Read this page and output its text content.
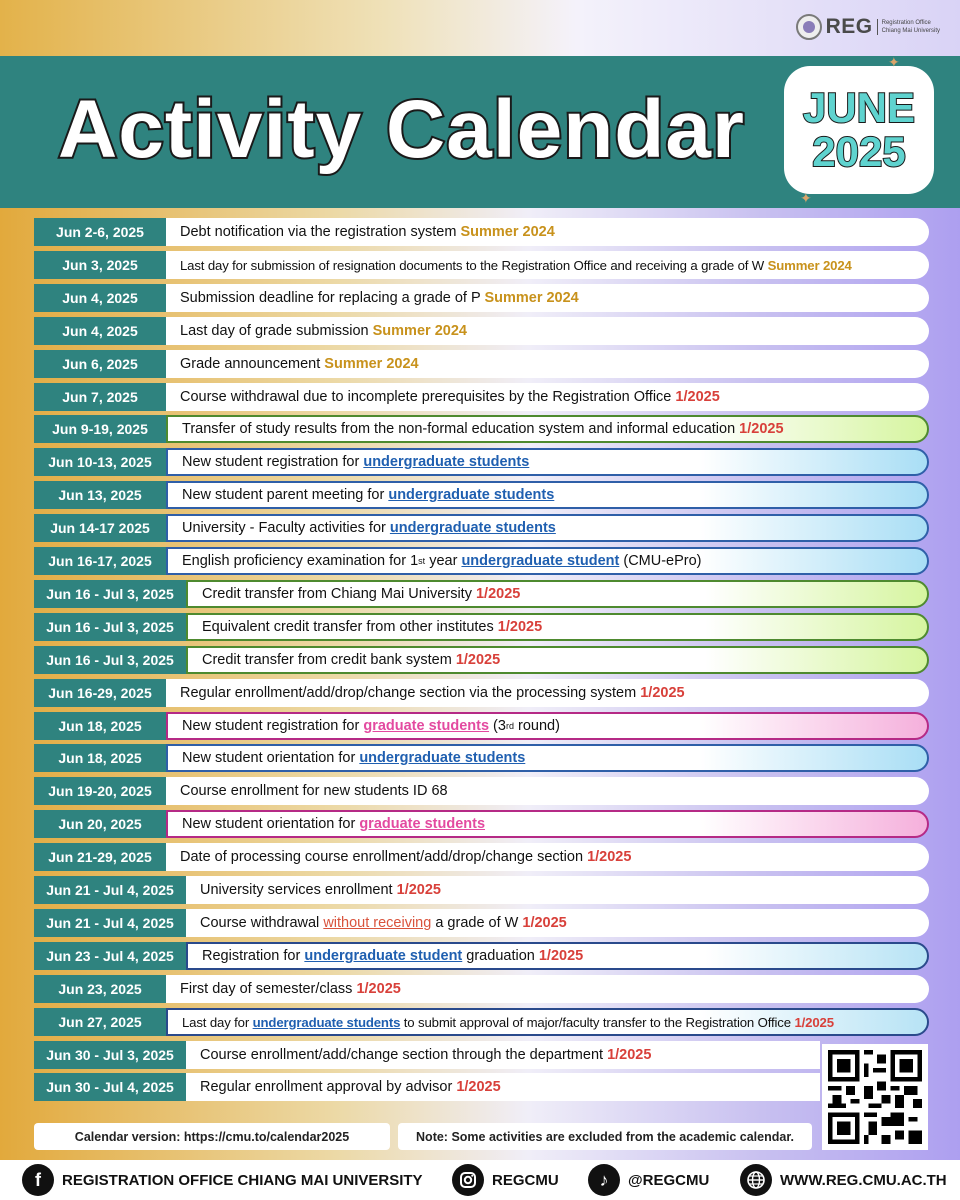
REG Registration Office
Chiang Mai University
Activity Calendar JUNE
2025
✦
✦
Jun 2-6, 2025	Debt notification via the registration system Summer 2024
Jun 3, 2025	Last day for submission of resignation documents to the Registration Office and receiving a grade of W Summer 2024
Jun 4, 2025	Submission deadline for replacing a grade of P Summer 2024
Jun 4, 2025	Last day of grade submission Summer 2024
Jun 6, 2025	Grade announcement Summer 2024
Jun 7, 2025	Course withdrawal due to incomplete prerequisites by the Registration Office 1/2025
Jun 9-19, 2025	Transfer of study results from the non-formal education system and informal education 1/2025
Jun 10-13, 2025	New student registration for undergraduate students
Jun 13, 2025	New student parent meeting for undergraduate students
Jun 14-17 2025	University - Faculty activities for undergraduate students
Jun 16-17, 2025	English proficiency examination for 1 st year undergraduate student (CMU-ePro)
Jun 16 - Jul 3, 2025	Credit transfer from Chiang Mai University 1/2025
Jun 16 - Jul 3, 2025	Equivalent credit transfer from other institutes 1/2025
Jun 16 - Jul 3, 2025	Credit transfer from credit bank system 1/2025
Jun 16-29, 2025	Regular enrollment/add/drop/change section via the processing system 1/2025
Jun 18, 2025	New student registration for graduate students (3 rd round)
Jun 18, 2025	New student orientation for undergraduate students
Jun 19-20, 2025	Course enrollment for new students ID 68
Jun 20, 2025	New student orientation for graduate students
Jun 21-29, 2025	Date of processing course enrollment/add/drop/change section 1/2025
Jun 21 - Jul 4, 2025	University services enrollment 1/2025
Jun 21 - Jul 4, 2025	Course withdrawal without receiving a grade of W 1/2025
Jun 23 - Jul 4, 2025	Registration for undergraduate student graduation 1/2025
Jun 23, 2025	First day of semester/class 1/2025
Jun 27, 2025	Last day for undergraduate students to submit approval of major/faculty transfer to the Registration Office 1/2025
Jun 30 - Jul 3, 2025	Course enrollment/add/change section through the department 1/2025
Jun 30 - Jul 4, 2025	Regular enrollment approval by advisor 1/2025
Calendar version: https://cmu.to/calendar2025	Note: Some activities are excluded from the academic calendar.
f	REGISTRATION OFFICE CHIANG MAI UNIVERSITY	REGCMU	♪	@REGCMU	WWW.REG.CMU.AC.TH
